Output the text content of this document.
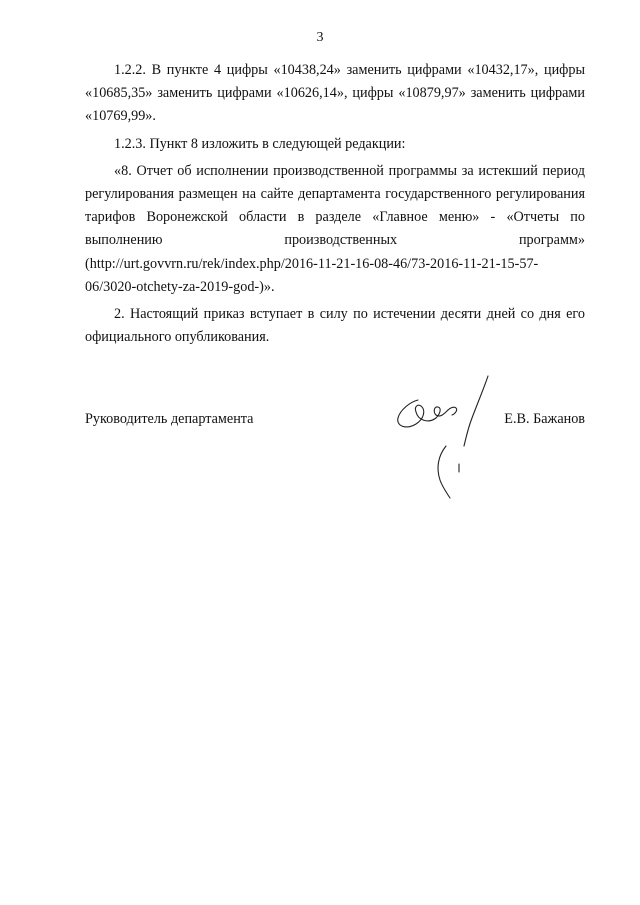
3

1.2.2. В пункте 4 цифры «10438,24» заменить цифрами «10432,17», цифры «10685,35» заменить цифрами «10626,14», цифры «10879,97» заменить цифрами «10769,99».

1.2.3. Пункт 8 изложить в следующей редакции:

«8. Отчет об исполнении производственной программы за истекший период регулирования размещен на сайте департамента государственного регулирования тарифов Воронежской области в разделе «Главное меню» - «Отчеты по выполнению производственных программ»

(http://urt.govvrn.ru/rek/index.php/2016-11-21-16-08-46/73-2016-11-21-15-57-06/3020-otchety-za-2019-god-)».

2. Настоящий приказ вступает в силу по истечении десяти дней со дня его официального опубликования.

Руководитель департамента	Е.В. Бажанов
